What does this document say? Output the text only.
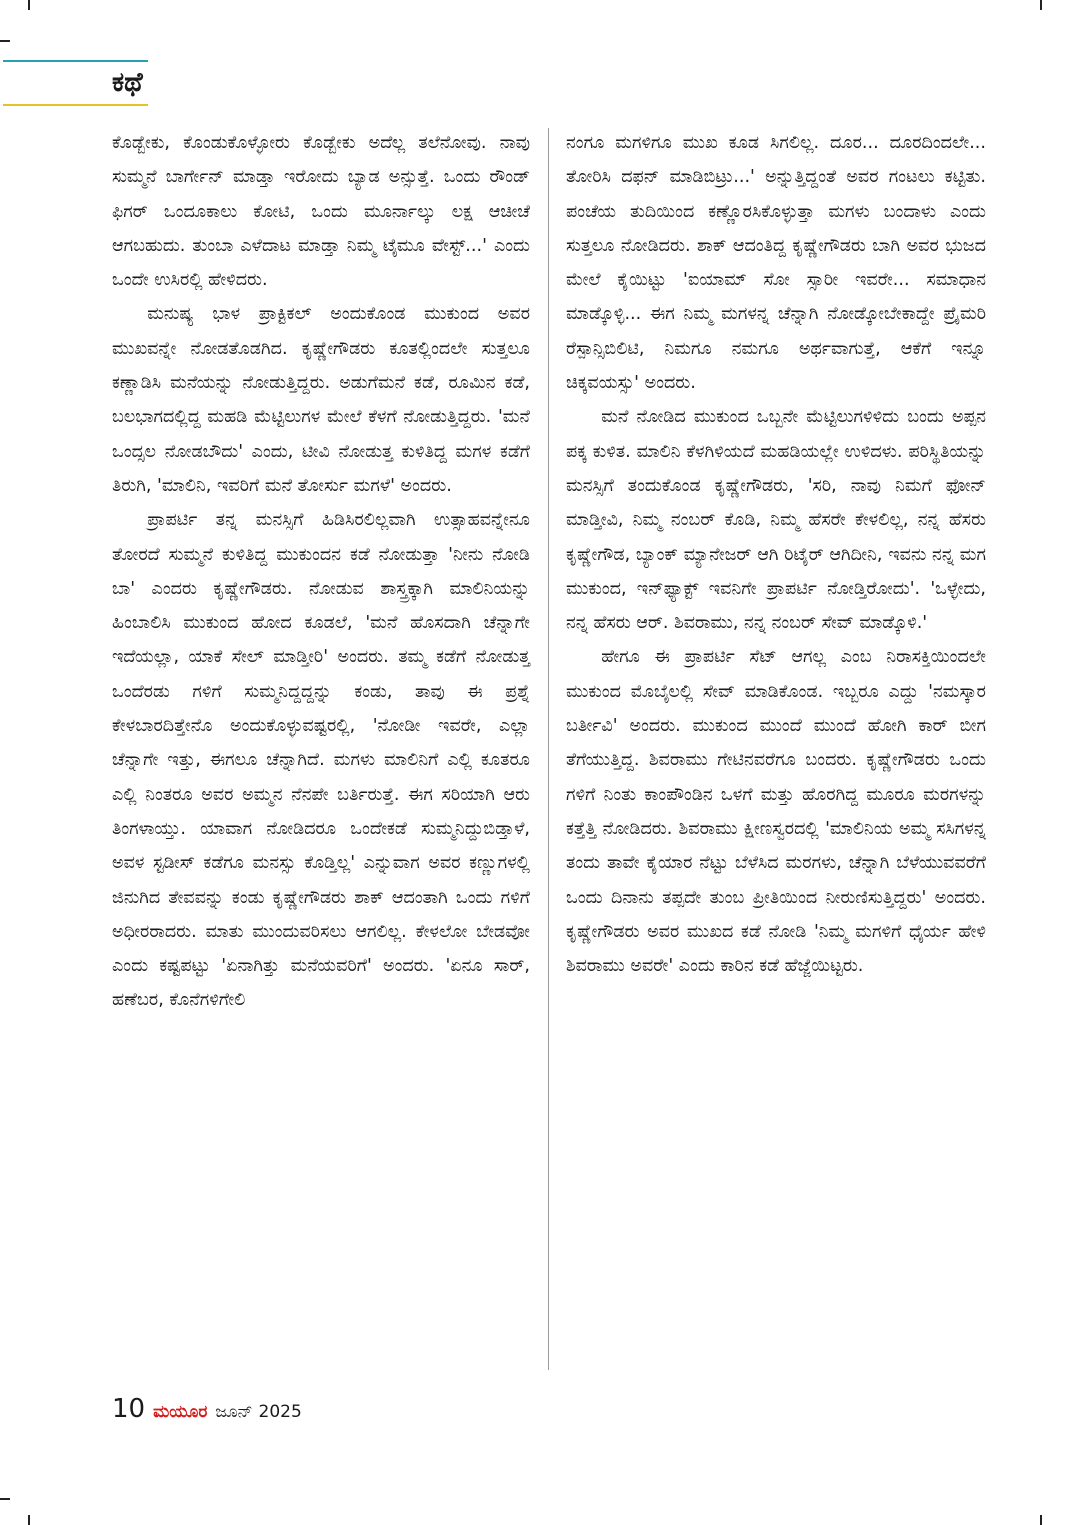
ಕಥೆ

ಕೊಡ್ಬೇಕು, ಕೊಂಡುಕೊಳ್ಳೋರು ಕೊಡ್ಬೇಕು ಅದೆಲ್ಲ ತಲೆನೋವು. ನಾವು ಸುಮ್ಮನೆ ಬಾರ್ಗೇನ್ ಮಾಡ್ತಾ ಇರೋದು ಬ್ಯಾಡ ಅನ್ಸುತ್ತೆ. ಒಂದು ರೌಂಡ್ ಫಿಗರ್ ಒಂದೂಕಾಲು ಕೋಟಿ, ಒಂದು ಮೂರ್ನಾಲ್ಕು ಲಕ್ಷ ಆಚೀಚೆ ಆಗಬಹುದು. ತುಂಬಾ ಎಳೆದಾಟ ಮಾಡ್ತಾ ನಿಮ್ಮ ಟೈಮೂ ವೇಸ್ಟ್...' ಎಂದು ಒಂದೇ ಉಸಿರಲ್ಲಿ ಹೇಳಿದರು.

ಮನುಷ್ಯ ಭಾಳ ಪ್ರಾಕ್ಟಿಕಲ್ ಅಂದುಕೊಂಡ ಮುಕುಂದ ಅವರ ಮುಖವನ್ನೇ ನೋಡತೊಡಗಿದ. ಕೃಷ್ಣೇಗೌಡರು ಕೂತಲ್ಲಿಂದಲೇ ಸುತ್ತಲೂ ಕಣ್ಣಾಡಿಸಿ ಮನೆಯನ್ನು ನೋಡುತ್ತಿದ್ದರು. ಅಡುಗೆಮನೆ ಕಡೆ, ರೂಮಿನ ಕಡೆ, ಬಲಭಾಗದಲ್ಲಿದ್ದ ಮಹಡಿ ಮೆಟ್ಟಿಲುಗಳ ಮೇಲೆ ಕೆಳಗೆ ನೋಡುತ್ತಿದ್ದರು. 'ಮನೆ ಒಂದ್ಸಲ ನೋಡಬೌದು' ಎಂದು, ಟೀವಿ ನೋಡುತ್ತ ಕುಳಿತಿದ್ದ ಮಗಳ ಕಡೆಗೆ ತಿರುಗಿ, 'ಮಾಲಿನಿ, ಇವರಿಗೆ ಮನೆ ತೋರ್ಸು ಮಗಳೆ' ಅಂದರು.

ಪ್ರಾಪರ್ಟಿ ತನ್ನ ಮನಸ್ಸಿಗೆ ಹಿಡಿಸಿರಲಿಲ್ಲವಾಗಿ ಉತ್ಸಾಹವನ್ನೇನೂ ತೋರದೆ ಸುಮ್ಮನೆ ಕುಳಿತಿದ್ದ ಮುಕುಂದನ ಕಡೆ ನೋಡುತ್ತಾ 'ನೀನು ನೋಡಿ ಬಾ' ಎಂದರು ಕೃಷ್ಣೇಗೌಡರು. ನೋಡುವ ಶಾಸ್ತ್ರಕ್ಕಾಗಿ ಮಾಲಿನಿಯನ್ನು ಹಿಂಬಾಲಿಸಿ ಮುಕುಂದ ಹೋದ ಕೂಡಲೆ, 'ಮನೆ ಹೊಸದಾಗಿ ಚೆನ್ನಾಗೇ ಇದೆಯಲ್ಲಾ, ಯಾಕೆ ಸೇಲ್ ಮಾಡ್ತೀರಿ' ಅಂದರು. ತಮ್ಮ ಕಡೆಗೆ ನೋಡುತ್ತ ಒಂದೆರಡು ಗಳಿಗೆ ಸುಮ್ಮನಿದ್ದದ್ದನ್ನು ಕಂಡು, ತಾವು ಈ ಪ್ರಶ್ನೆ ಕೇಳಬಾರದಿತ್ತೇನೊ ಅಂದುಕೊಳ್ಳುವಷ್ಟರಲ್ಲಿ, 'ನೋಡೀ ಇವರೇ, ಎಲ್ಲಾ ಚೆನ್ನಾಗೇ ಇತ್ತು, ಈಗಲೂ ಚೆನ್ನಾಗಿದೆ. ಮಗಳು ಮಾಲಿನಿಗೆ ಎಲ್ಲಿ ಕೂತರೂ ಎಲ್ಲಿ ನಿಂತರೂ ಅವರ ಅಮ್ಮನ ನೆನಪೇ ಬರ್ತಿರುತ್ತೆ. ಈಗ ಸರಿಯಾಗಿ ಆರು ತಿಂಗಳಾಯ್ತು. ಯಾವಾಗ ನೋಡಿದರೂ ಒಂದೇಕಡೆ ಸುಮ್ಮನಿದ್ದುಬಿಡ್ತಾಳೆ, ಅವಳ ಸ್ಟಡೀಸ್ ಕಡೆಗೂ ಮನಸ್ಸು ಕೊಡ್ತಿಲ್ಲ' ಎನ್ನುವಾಗ ಅವರ ಕಣ್ಣುಗಳಲ್ಲಿ ಜಿನುಗಿದ ತೇವವನ್ನು ಕಂಡು ಕೃಷ್ಣೇಗೌಡರು ಶಾಕ್ ಆದಂತಾಗಿ ಒಂದು ಗಳಿಗೆ ಅಧೀರರಾದರು. ಮಾತು ಮುಂದುವರಿಸಲು ಆಗಲಿಲ್ಲ. ಕೇಳಲೋ ಬೇಡವೋ ಎಂದು ಕಷ್ಟಪಟ್ಟು 'ಏನಾಗಿತ್ತು ಮನೆಯವರಿಗೆ' ಅಂದರು. 'ಏನೂ ಸಾರ್, ಹಣೆಬರ, ಕೊನೆಗಳಿಗೇಲಿ

ನಂಗೂ ಮಗಳಿಗೂ ಮುಖ ಕೂಡ ಸಿಗಲಿಲ್ಲ. ದೂರ... ದೂರದಿಂದಲೇ... ತೋರಿಸಿ ದಫನ್ ಮಾಡಿಬಿಟ್ರು...' ಅನ್ನುತ್ತಿದ್ದಂತೆ ಅವರ ಗಂಟಲು ಕಟ್ಟಿತು. ಪಂಚೆಯ ತುದಿಯಿಂದ ಕಣ್ಣೊರಸಿಕೊಳ್ಳುತ್ತಾ ಮಗಳು ಬಂದಾಳು ಎಂದು ಸುತ್ತಲೂ ನೋಡಿದರು. ಶಾಕ್ ಆದಂತಿದ್ದ ಕೃಷ್ಣೇಗೌಡರು ಬಾಗಿ ಅವರ ಭುಜದ ಮೇಲೆ ಕೈಯಿಟ್ಟು 'ಐಯಾಮ್ ಸೋ ಸ್ಸಾರೀ ಇವರೇ... ಸಮಾಧಾನ ಮಾಡ್ಕೊಳ್ಳಿ... ಈಗ ನಿಮ್ಮ ಮಗಳನ್ನ ಚೆನ್ನಾಗಿ ನೋಡ್ಕೋಬೇಕಾದ್ದೇ ಪ್ರೈಮರಿ ರೆಸ್ಪಾನ್ಸಿಬಿಲಿಟಿ, ನಿಮಗೂ ನಮಗೂ ಅರ್ಥವಾಗುತ್ತೆ, ಆಕೆಗೆ ಇನ್ನೂ ಚಿಕ್ಕವಯಸ್ಸು' ಅಂದರು.

ಮನೆ ನೋಡಿದ ಮುಕುಂದ ಒಬ್ಬನೇ ಮೆಟ್ಟಿಲುಗಳಿಳಿದು ಬಂದು ಅಪ್ಪನ ಪಕ್ಕ ಕುಳಿತ. ಮಾಲಿನಿ ಕೆಳಗಿಳಿಯದೆ ಮಹಡಿಯಲ್ಲೇ ಉಳಿದಳು. ಪರಿಸ್ಥಿತಿಯನ್ನು ಮನಸ್ಸಿಗೆ ತಂದುಕೊಂಡ ಕೃಷ್ಣೇಗೌಡರು, 'ಸರಿ, ನಾವು ನಿಮಗೆ ಫೋನ್ ಮಾಡ್ತೀವಿ, ನಿಮ್ಮ ನಂಬರ್ ಕೊಡಿ, ನಿಮ್ಮ ಹೆಸರೇ ಕೇಳಲಿಲ್ಲ, ನನ್ನ ಹೆಸರು ಕೃಷ್ಣೇಗೌಡ, ಬ್ಯಾಂಕ್ ಮ್ಯಾನೇಜರ್ ಆಗಿ ರಿಟೈರ್ ಆಗಿದೀನಿ, ಇವನು ನನ್ನ ಮಗ ಮುಕುಂದ, ಇನ್‌ಫ್ಯಾಕ್ಟ್ ಇವನಿಗೇ ಪ್ರಾಪರ್ಟಿ ನೋಡ್ತಿರೋದು'. 'ಒಳ್ಳೇದು, ನನ್ನ ಹೆಸರು ಆರ್. ಶಿವರಾಮು, ನನ್ನ ನಂಬರ್ ಸೇವ್ ಮಾಡ್ಕೊಳಿ.'

ಹೇಗೂ ಈ ಪ್ರಾಪರ್ಟಿ ಸೆಟ್ ಆಗಲ್ಲ ಎಂಬ ನಿರಾಸಕ್ತಿಯಿಂದಲೇ ಮುಕುಂದ ಮೊಬೈಲಲ್ಲಿ ಸೇವ್ ಮಾಡಿಕೊಂಡ. ಇಬ್ಬರೂ ಎದ್ದು 'ನಮಸ್ಕಾರ ಬರ್ತೀವಿ' ಅಂದರು. ಮುಕುಂದ ಮುಂದೆ ಮುಂದೆ ಹೋಗಿ ಕಾರ್ ಬೀಗ ತೆಗೆಯುತ್ತಿದ್ದ. ಶಿವರಾಮು ಗೇಟಿನವರೆಗೂ ಬಂದರು. ಕೃಷ್ಣೇಗೌಡರು ಒಂದು ಗಳಿಗೆ ನಿಂತು ಕಾಂಪೌಂಡಿನ ಒಳಗೆ ಮತ್ತು ಹೊರಗಿದ್ದ ಮೂರೂ ಮರಗಳನ್ನು ಕತ್ತೆತ್ತಿ ನೋಡಿದರು. ಶಿವರಾಮು ಕ್ಷೀಣಸ್ವರದಲ್ಲಿ 'ಮಾಲಿನಿಯ ಅಮ್ಮ ಸಸಿಗಳನ್ನ ತಂದು ತಾವೇ ಕೈಯಾರ ನೆಟ್ಟು ಬೆಳೆಸಿದ ಮರಗಳು, ಚೆನ್ನಾಗಿ ಬೆಳೆಯುವವರೆಗೆ ಒಂದು ದಿನಾನು ತಪ್ಪದೇ ತುಂಬ ಪ್ರೀತಿಯಿಂದ ನೀರುಣಿಸುತ್ತಿದ್ದರು' ಅಂದರು. ಕೃಷ್ಣೇಗೌಡರು ಅವರ ಮುಖದ ಕಡೆ ನೋಡಿ 'ನಿಮ್ಮ ಮಗಳಿಗೆ ಧೈರ್ಯ ಹೇಳಿ ಶಿವರಾಮು ಅವರೇ' ಎಂದು ಕಾರಿನ ಕಡೆ ಹೆಜ್ಜೆಯಿಟ್ಟರು.

10 ಮಯೂರ ಜೂನ್ 2025
